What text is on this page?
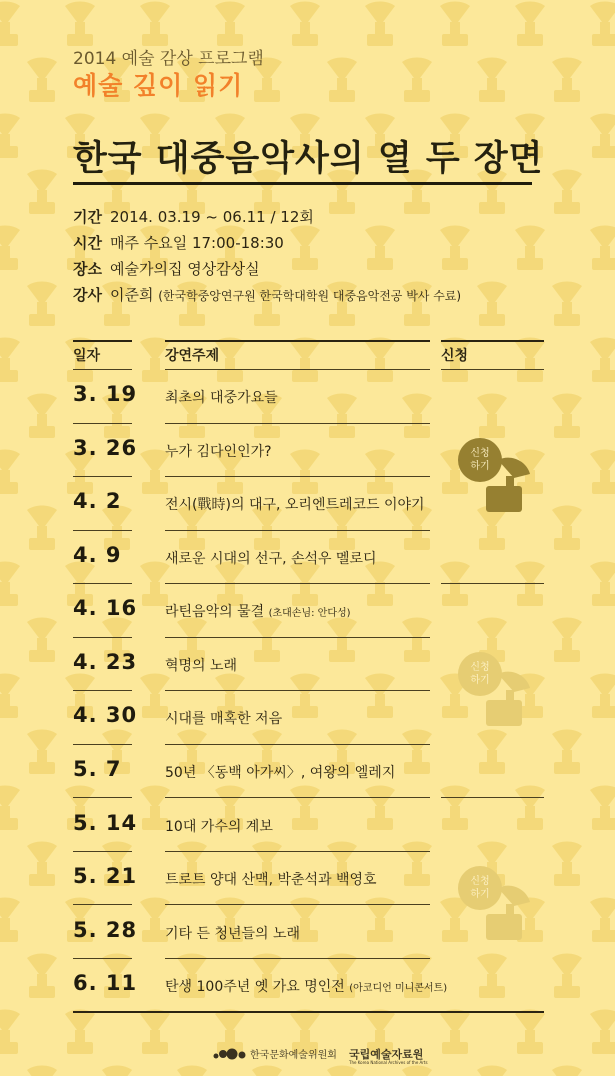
2014 예술 감상 프로그램
예술 깊이 읽기
한국 대중음악사의 열 두 장면
기간 2014. 03.19 ~ 06.11 / 12회
시간 매주 수요일 17:00-18:30
장소 예술가의집 영상감상실
강사 이준희 (한국학중앙연구원 한국학대학원 대중음악전공 박사 수료)
일자	강연주제	신청
3. 19 최초의 대중가요들
3. 26 누가 김다인인가?
4. 2	전시(戰時)의 대구, 오리엔트레코드 이야기
4. 9	새로운 시대의 선구, 손석우 멜로디
4. 16 라틴음악의 물결 (초대손님: 안다성)
4. 23 혁명의 노래
4. 30 시대를 매혹한 저음
5. 7	50년 〈동백 아가씨〉, 여왕의 엘레지
5. 14 10대 가수의 계보
5. 21 트로트 양대 산맥, 박춘석과 백영호
5. 28 기타 든 청년들의 노래
6. 11 탄생 100주년 옛 가요 명인전 (아코디언 미니콘서트)
신청
하기
신청
하기
신청
하기
한국문화예술위원회 국립예술자료원
The Korea National Archives of the Arts
